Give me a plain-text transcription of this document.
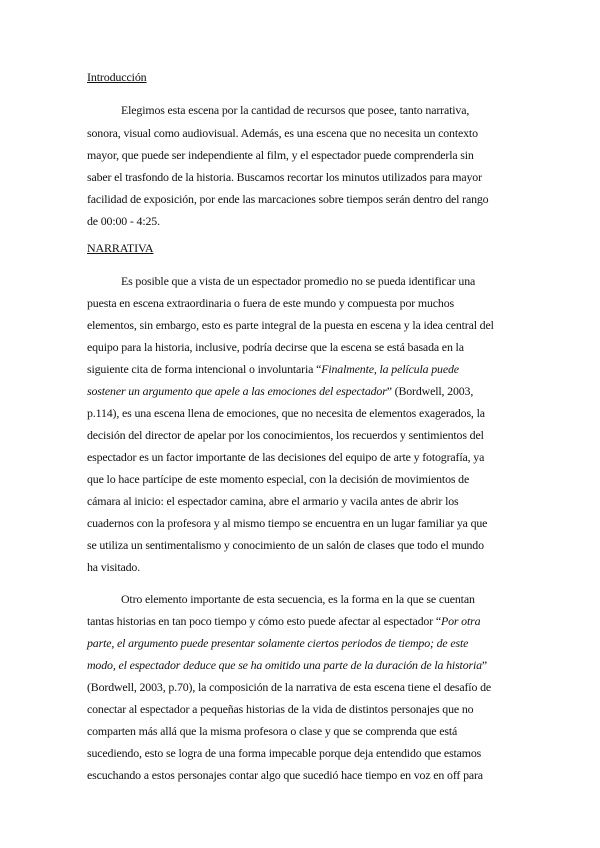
Introducción
Elegimos esta escena por la cantidad de recursos que posee, tanto narrativa,
sonora, visual como audiovisual. Además, es una escena que no necesita un contexto
mayor, que puede ser independiente al film, y el espectador puede comprenderla sin
saber el trasfondo de la historia. Buscamos recortar los minutos utilizados para mayor
facilidad de exposición, por ende las marcaciones sobre tiempos serán dentro del rango
de 00:00 - 4:25.
NARRATIVA
Es posible que a vista de un espectador promedio no se pueda identificar una
puesta en escena extraordinaria o fuera de este mundo y compuesta por muchos
elementos, sin embargo, esto es parte integral de la puesta en escena y la idea central del
equipo para la historia, inclusive, podría decirse que la escena se está basada en la
siguiente cita de forma intencional o involuntaria “Finalmente, la película puede
sostener un argumento que apele a las emociones del espectador” (Bordwell, 2003,
p.114), es una escena llena de emociones, que no necesita de elementos exagerados, la
decisión del director de apelar por los conocimientos, los recuerdos y sentimientos del
espectador es un factor importante de las decisiones del equipo de arte y fotografía, ya
que lo hace partícipe de este momento especial, con la decisión de movimientos de
cámara al inicio: el espectador camina, abre el armario y vacila antes de abrir los
cuadernos con la profesora y al mismo tiempo se encuentra en un lugar familiar ya que
se utiliza un sentimentalismo y conocimiento de un salón de clases que todo el mundo
ha visitado.
Otro elemento importante de esta secuencia, es la forma en la que se cuentan
tantas historias en tan poco tiempo y cómo esto puede afectar al espectador “Por otra
parte, el argumento puede presentar solamente ciertos periodos de tiempo; de este
modo, el espectador deduce que se ha omitido una parte de la duración de la historia”
(Bordwell, 2003, p.70), la composición de la narrativa de esta escena tiene el desafío de
conectar al espectador a pequeñas historias de la vida de distintos personajes que no
comparten más allá que la misma profesora o clase y que se comprenda que está
sucediendo, esto se logra de una forma impecable porque deja entendido que estamos
escuchando a estos personajes contar algo que sucedió hace tiempo en voz en off para
